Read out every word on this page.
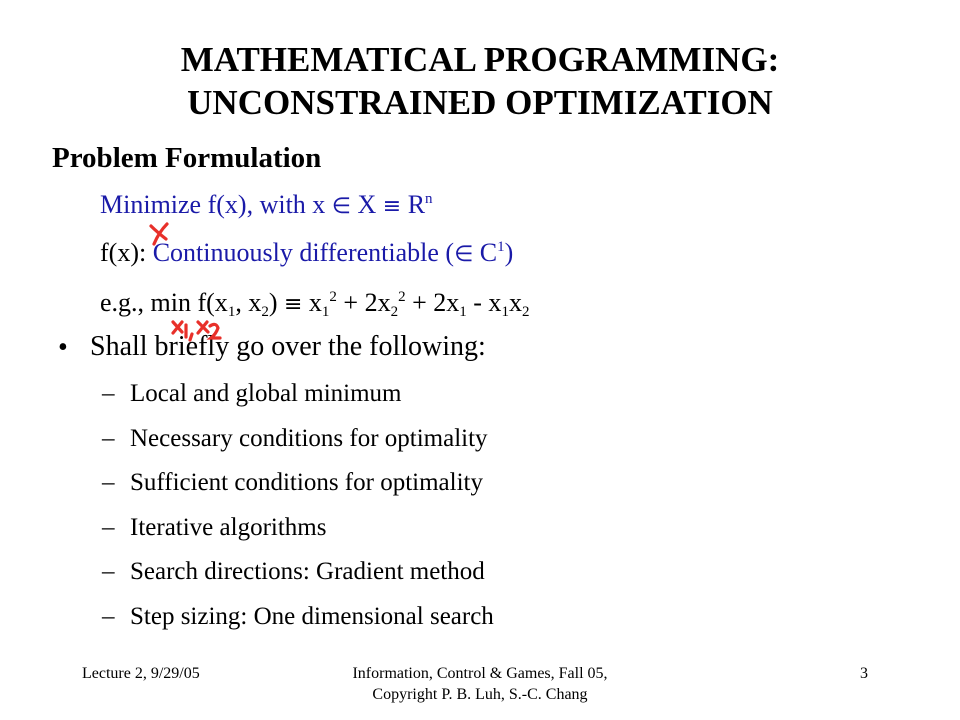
MATHEMATICAL PROGRAMMING:
UNCONSTRAINED OPTIMIZATION
Problem Formulation
Minimize f(x), with x ∈ $X \equiv R^n$
f(x): Continuously differentiable (∈ $C^1$)
e.g., $\min f(x_1$, $x_2) \equiv x_1^2 + 2x_2^2 + 2x_1 - x_1x_2$
• Shall briefly go over the following:
– Local and global minimum
– Necessary conditions for optimality
– Sufficient conditions for optimality
– Iterative algorithms
– Search directions: Gradient method
– Step sizing: One dimensional search
Lecture 2, 9/29/05	Information, Control & Games, Fall 05,
Copyright P. B. Luh, S.-C. Chang
3
